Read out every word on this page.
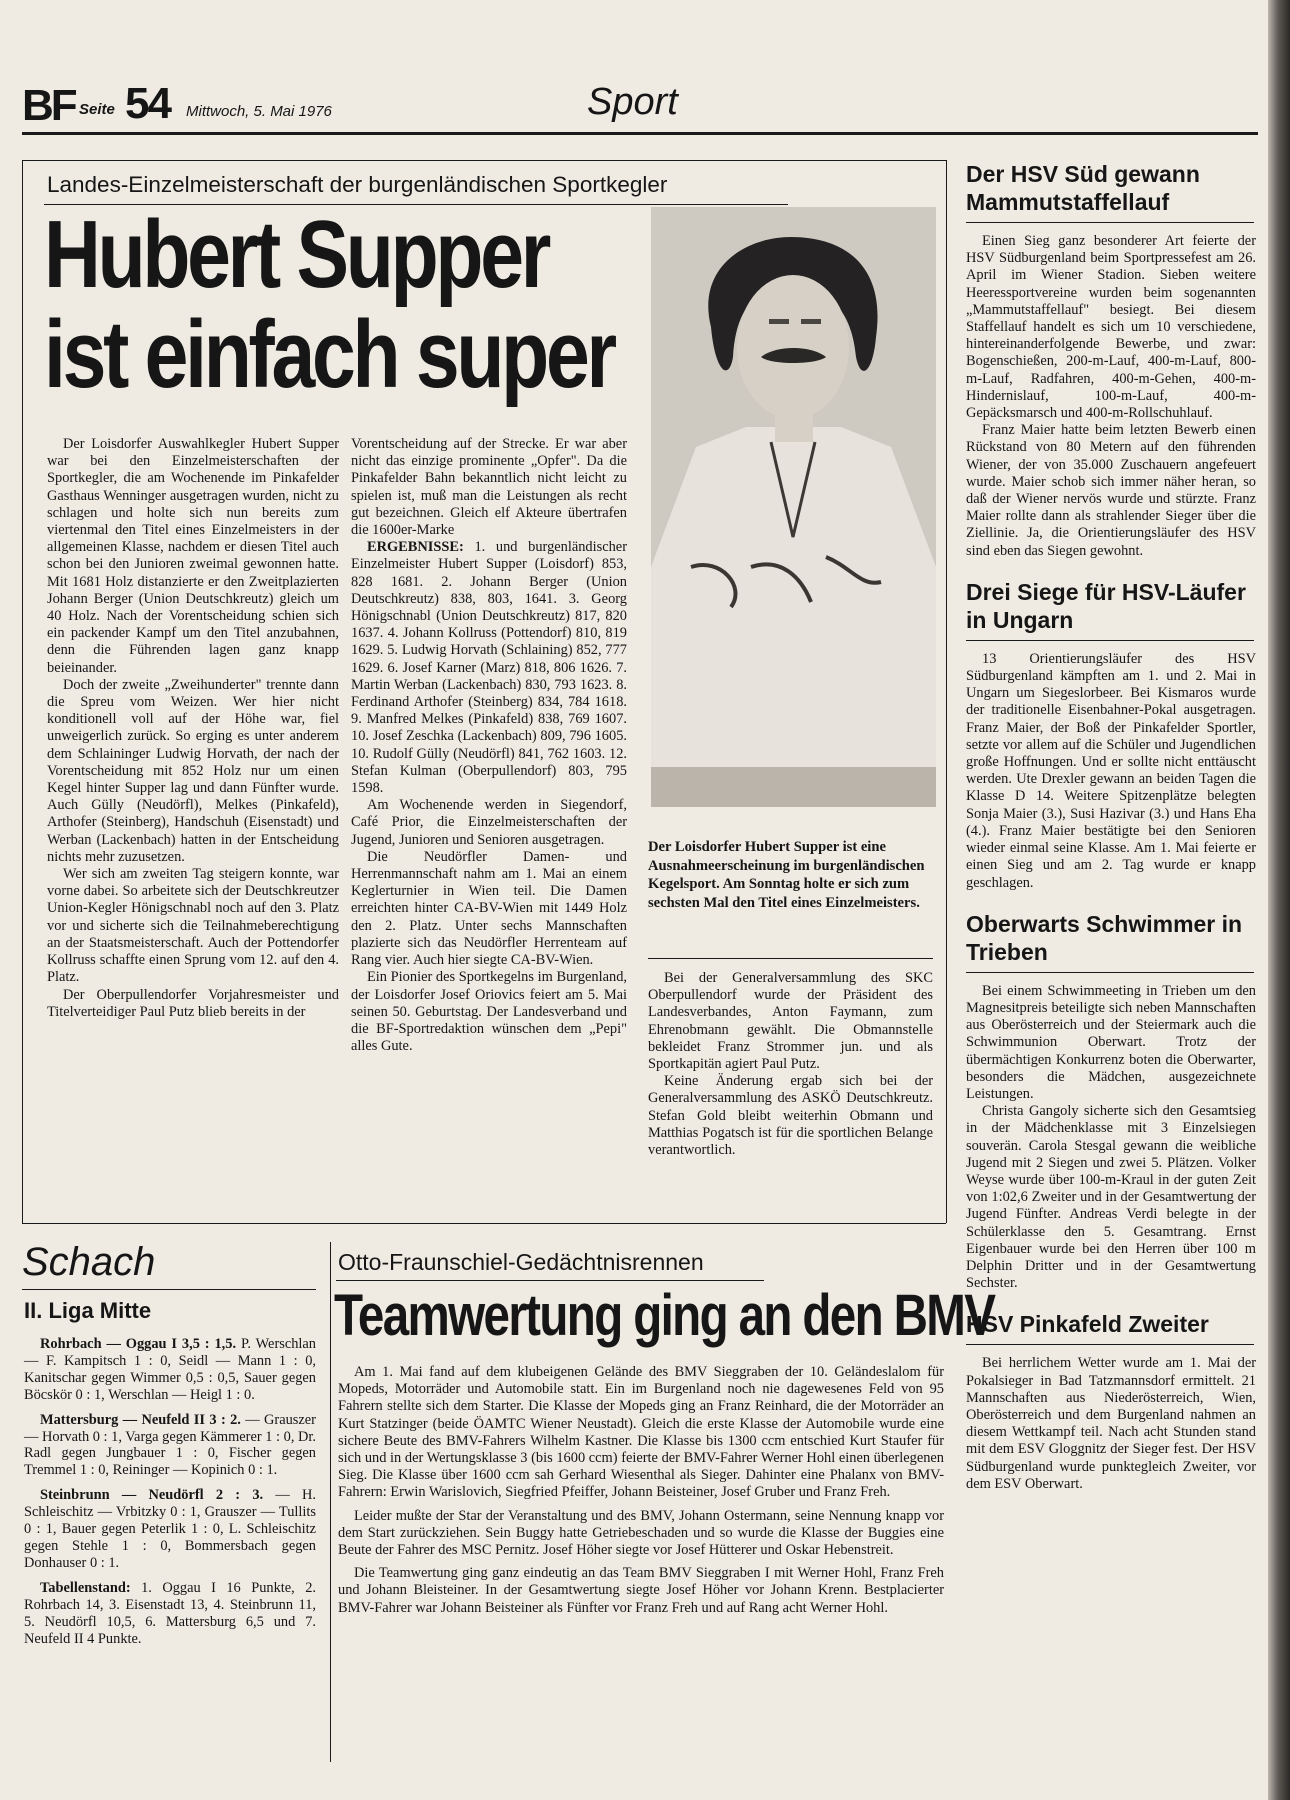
BF Seite 54 Mittwoch, 5. Mai 1976	Sport
Landes-Einzelmeisterschaft der burgenländischen Sportkegler
Hubert Supper
ist einfach super

Der Loisdorfer Auswahlkegler Hubert Supper war bei den Einzelmeisterschaften der Sportkegler, die am Wochenende im Pinkafelder Gasthaus Wenninger ausgetragen wurden, nicht zu schlagen und holte sich nun bereits zum viertenmal den Titel eines Einzelmeisters in der allgemeinen Klasse, nachdem er diesen Titel auch schon bei den Junioren zweimal gewonnen hatte. Mit 1681 Holz distanzierte er den Zweitplazierten Johann Berger (Union Deutschkreutz) gleich um 40 Holz. Nach der Vorentscheidung schien sich ein packender Kampf um den Titel anzubahnen, denn die Führenden lagen ganz knapp beieinander.

Doch der zweite „Zweihunderter" trennte dann die Spreu vom Weizen. Wer hier nicht konditionell voll auf der Höhe war, fiel unweigerlich zurück. So erging es unter anderem dem Schlaininger Ludwig Horvath, der nach der Vorentscheidung mit 852 Holz nur um einen Kegel hinter Supper lag und dann Fünfter wurde. Auch Gülly (Neudörfl), Melkes (Pinkafeld), Arthofer (Steinberg), Handschuh (Eisenstadt) und Werban (Lackenbach) hatten in der Entscheidung nichts mehr zuzusetzen.

Wer sich am zweiten Tag steigern konnte, war vorne dabei. So arbeitete sich der Deutschkreutzer Union-Kegler Hönigschnabl noch auf den 3. Platz vor und sicherte sich die Teilnahmeberechtigung an der Staatsmeisterschaft. Auch der Pottendorfer Kollruss schaffte einen Sprung vom 12. auf den 4. Platz.

Der Oberpullendorfer Vorjahresmeister und Titelverteidiger Paul Putz blieb bereits in der

Vorentscheidung auf der Strecke. Er war aber nicht das einzige prominente „Opfer". Da die Pinkafelder Bahn bekanntlich nicht leicht zu spielen ist, muß man die Leistungen als recht gut bezeichnen. Gleich elf Akteure übertrafen die 1600er-Marke

ERGEBNISSE: 1. und burgenländischer Einzelmeister Hubert Supper (Loisdorf) 853, 828 1681. 2. Johann Berger (Union Deutschkreutz) 838, 803, 1641. 3. Georg Hönigschnabl (Union Deutschkreutz) 817, 820 1637. 4. Johann Kollruss (Pottendorf) 810, 819 1629. 5. Ludwig Horvath (Schlaining) 852, 777 1629. 6. Josef Karner (Marz) 818, 806 1626. 7. Martin Werban (Lackenbach) 830, 793 1623. 8. Ferdinand Arthofer (Steinberg) 834, 784 1618. 9. Manfred Melkes (Pinkafeld) 838, 769 1607. 10. Josef Zeschka (Lackenbach) 809, 796 1605. 10. Rudolf Gülly (Neudörfl) 841, 762 1603. 12. Stefan Kulman (Oberpullendorf) 803, 795 1598.

Am Wochenende werden in Siegendorf, Café Prior, die Einzelmeisterschaften der Jugend, Junioren und Senioren ausgetragen.

Die Neudörfler Damen- und Herrenmannschaft nahm am 1. Mai an einem Keglerturnier in Wien teil. Die Damen erreichten hinter CA-BV-Wien mit 1449 Holz den 2. Platz. Unter sechs Mannschaften plazierte sich das Neudörfler Herrenteam auf Rang vier. Auch hier siegte CA-BV-Wien.

Ein Pionier des Sportkegelns im Burgenland, der Loisdorfer Josef Oriovics feiert am 5. Mai seinen 50. Geburtstag. Der Landesverband und die BF-Sportredaktion wünschen dem „Pepi" alles Gute.

Der Loisdorfer Hubert Supper ist eine Ausnahmeerscheinung im burgenländischen Kegelsport. Am Sonntag holte er sich zum sechsten Mal den Titel eines Einzelmeisters.

Bei der Generalversammlung des SKC Oberpullendorf wurde der Präsident des Landesverbandes, Anton Faymann, zum Ehrenobmann gewählt. Die Obmannstelle bekleidet Franz Strommer jun. und als Sportkapitän agiert Paul Putz.

Keine Änderung ergab sich bei der Generalversammlung des ASKÖ Deutschkreutz. Stefan Gold bleibt weiterhin Obmann und Matthias Pogatsch ist für die sportlichen Belange verantwortlich.

Schach
II. Liga Mitte

Rohrbach — Oggau I 3,5 : 1,5. P. Werschlan — F. Kampitsch 1 : 0, Seidl — Mann 1 : 0, Kanitschar gegen Wimmer 0,5 : 0,5, Sauer gegen Böcskör 0 : 1, Werschlan — Heigl 1 : 0.

Mattersburg — Neufeld II 3 : 2. — Grauszer — Horvath 0 : 1, Varga gegen Kämmerer 1 : 0, Dr. Radl gegen Jungbauer 1 : 0, Fischer gegen Tremmel 1 : 0, Reininger — Kopinich 0 : 1.

Steinbrunn — Neudörfl 2 : 3. — H. Schleischitz — Vrbitzky 0 : 1, Grauszer — Tullits 0 : 1, Bauer gegen Peterlik 1 : 0, L. Schleischitz gegen Stehle 1 : 0, Bommersbach gegen Donhauser 0 : 1.

Tabellenstand: 1. Oggau I 16 Punkte, 2. Rohrbach 14, 3. Eisenstadt 13, 4. Steinbrunn 11, 5. Neudörfl 10,5, 6. Mattersburg 6,5 und 7. Neufeld II 4 Punkte.

Otto-Fraunschiel-Gedächtnisrennen
Teamwertung ging an den BMV

Am 1. Mai fand auf dem klubeigenen Gelände des BMV Sieggraben der 10. Geländeslalom für Mopeds, Motorräder und Automobile statt. Ein im Burgenland noch nie dagewesenes Feld von 95 Fahrern stellte sich dem Starter. Die Klasse der Mopeds ging an Franz Reinhard, die der Motorräder an Kurt Statzinger (beide ÖAMTC Wiener Neustadt). Gleich die erste Klasse der Automobile wurde eine sichere Beute des BMV-Fahrers Wilhelm Kastner. Die Klasse bis 1300 ccm entschied Kurt Staufer für sich und in der Wertungsklasse 3 (bis 1600 ccm) feierte der BMV-Fahrer Werner Hohl einen überlegenen Sieg. Die Klasse über 1600 ccm sah Gerhard Wiesenthal als Sieger. Dahinter eine Phalanx von BMV-Fahrern: Erwin Warislovich, Siegfried Pfeiffer, Johann Beisteiner, Josef Gruber und Franz Freh.

Leider mußte der Star der Veranstaltung und des BMV, Johann Ostermann, seine Nennung knapp vor dem Start zurückziehen. Sein Buggy hatte Getriebeschaden und so wurde die Klasse der Buggies eine Beute der Fahrer des MSC Pernitz. Josef Höher siegte vor Josef Hütterer und Oskar Hebenstreit.

Die Teamwertung ging ganz eindeutig an das Team BMV Sieggraben I mit Werner Hohl, Franz Freh und Johann Bleisteiner. In der Gesamtwertung siegte Josef Höher vor Johann Krenn. Bestplacierter BMV-Fahrer war Johann Beisteiner als Fünfter vor Franz Freh und auf Rang acht Werner Hohl.

Der HSV Süd gewann Mammutstaffellauf

Einen Sieg ganz besonderer Art feierte der HSV Südburgenland beim Sportpressefest am 26. April im Wiener Stadion. Sieben weitere Heeressportvereine wurden beim sogenannten „Mammutstaffellauf" besiegt. Bei diesem Staffellauf handelt es sich um 10 verschiedene, hintereinanderfolgende Bewerbe, und zwar: Bogenschießen, 200-m-Lauf, 400-m-Lauf, 800-m-Lauf, Radfahren, 400-m-Gehen, 400-m-Hindernislauf, 100-m-Lauf, 400-m-Gepäcksmarsch und 400-m-Rollschuhlauf.

Franz Maier hatte beim letzten Bewerb einen Rückstand von 80 Metern auf den führenden Wiener, der von 35.000 Zuschauern angefeuert wurde. Maier schob sich immer näher heran, so daß der Wiener nervös wurde und stürzte. Franz Maier rollte dann als strahlender Sieger über die Ziellinie. Ja, die Orientierungsläufer des HSV sind eben das Siegen gewohnt.

Drei Siege für HSV-Läufer in Ungarn

13 Orientierungsläufer des HSV Südburgenland kämpften am 1. und 2. Mai in Ungarn um Siegeslorbeer. Bei Kismaros wurde der traditionelle Eisenbahner-Pokal ausgetragen. Franz Maier, der Boß der Pinkafelder Sportler, setzte vor allem auf die Schüler und Jugendlichen große Hoffnungen. Und er sollte nicht enttäuscht werden. Ute Drexler gewann an beiden Tagen die Klasse D 14. Weitere Spitzenplätze belegten Sonja Maier (3.), Susi Hazivar (3.) und Hans Eha (4.). Franz Maier bestätigte bei den Senioren wieder einmal seine Klasse. Am 1. Mai feierte er einen Sieg und am 2. Tag wurde er knapp geschlagen.

Oberwarts Schwimmer in Trieben

Bei einem Schwimmeeting in Trieben um den Magnesitpreis beteiligte sich neben Mannschaften aus Oberösterreich und der Steiermark auch die Schwimmunion Oberwart. Trotz der übermächtigen Konkurrenz boten die Oberwarter, besonders die Mädchen, ausgezeichnete Leistungen.

Christa Gangoly sicherte sich den Gesamtsieg in der Mädchenklasse mit 3 Einzelsiegen souverän. Carola Stesgal gewann die weibliche Jugend mit 2 Siegen und zwei 5. Plätzen. Volker Weyse wurde über 100-m-Kraul in der guten Zeit von 1:02,6 Zweiter und in der Gesamtwertung der Jugend Fünfter. Andreas Verdi belegte in der Schülerklasse den 5. Gesamtrang. Ernst Eigenbauer wurde bei den Herren über 100 m Delphin Dritter und in der Gesamtwertung Sechster.

HSV Pinkafeld Zweiter

Bei herrlichem Wetter wurde am 1. Mai der Pokalsieger in Bad Tatzmannsdorf ermittelt. 21 Mannschaften aus Niederösterreich, Wien, Oberösterreich und dem Burgenland nahmen an diesem Wettkampf teil. Nach acht Stunden stand mit dem ESV Gloggnitz der Sieger fest. Der HSV Südburgenland wurde punktegleich Zweiter, vor dem ESV Oberwart.
